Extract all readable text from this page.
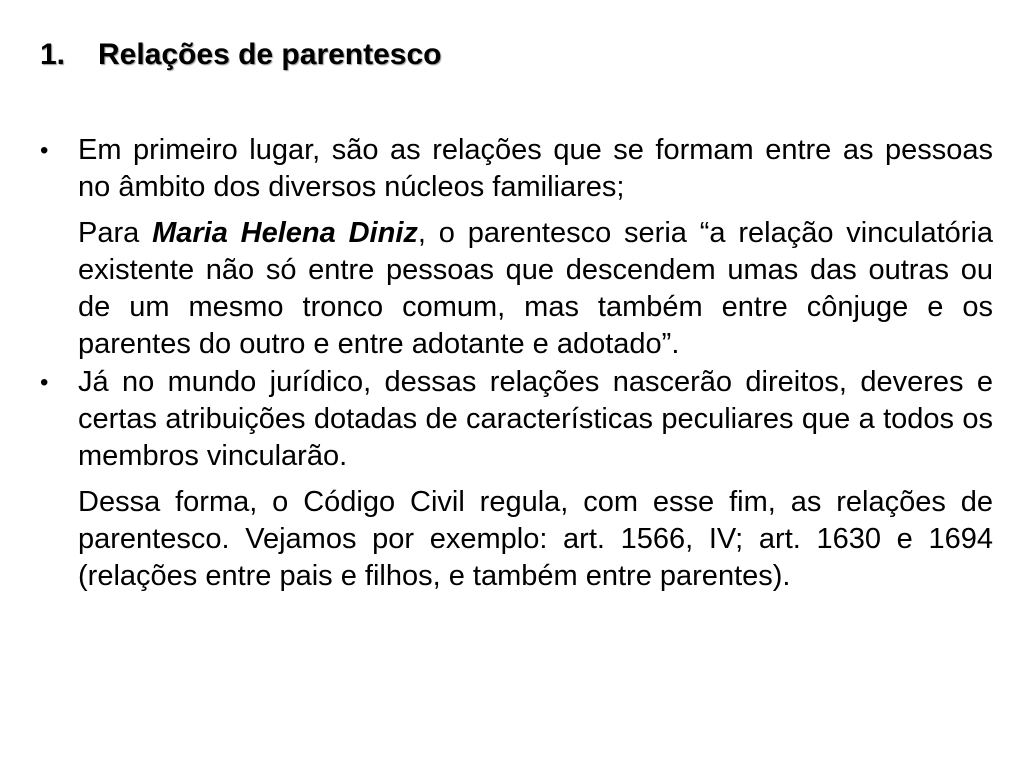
1. Relações de parentesco

• Em primeiro lugar, são as relações que se formam entre as pessoas no âmbito dos diversos núcleos familiares;

Para Maria Helena Diniz, o parentesco seria “a relação vinculatória existente não só entre pessoas que descendem umas das outras ou de um mesmo tronco comum, mas também entre cônjuge e os parentes do outro e entre adotante e adotado”.

• Já no mundo jurídico, dessas relações nascerão direitos, deveres e certas atribuições dotadas de características peculiares que a todos os membros vincularão.

Dessa forma, o Código Civil regula, com esse fim, as relações de parentesco. Vejamos por exemplo: art. 1566, IV; art. 1630 e 1694 (relações entre pais e filhos, e também entre parentes).
